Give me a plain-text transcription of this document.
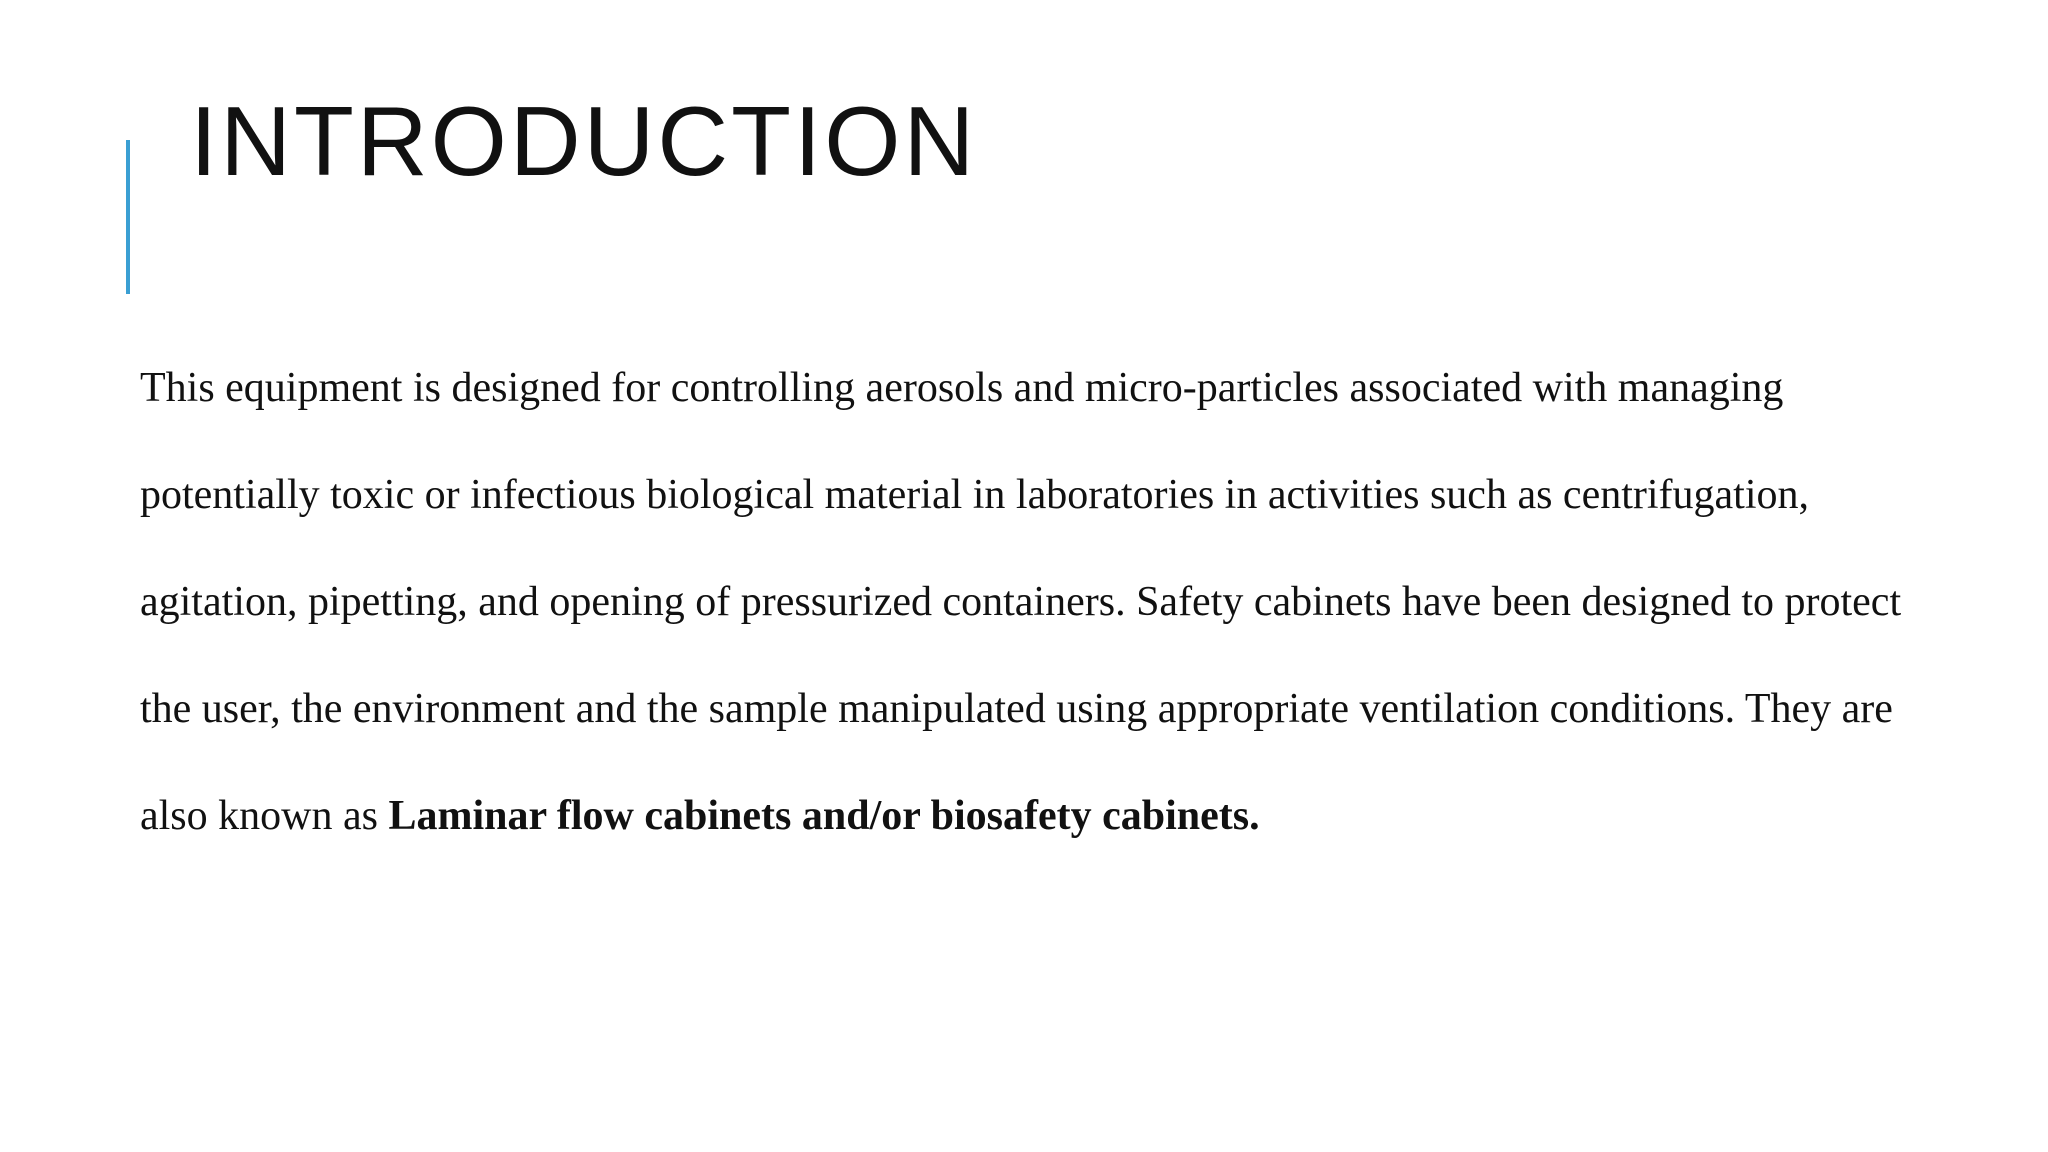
INTRODUCTION

This equipment is designed for controlling aerosols and micro-particles associated with managing
potentially toxic or infectious biological material in laboratories in activities such as centrifugation,
agitation, pipetting, and opening of pressurized containers. Safety cabinets have been designed to protect
the user, the environment and the sample manipulated using appropriate ventilation conditions. They are
also known as Laminar flow cabinets and/or biosafety cabinets.
